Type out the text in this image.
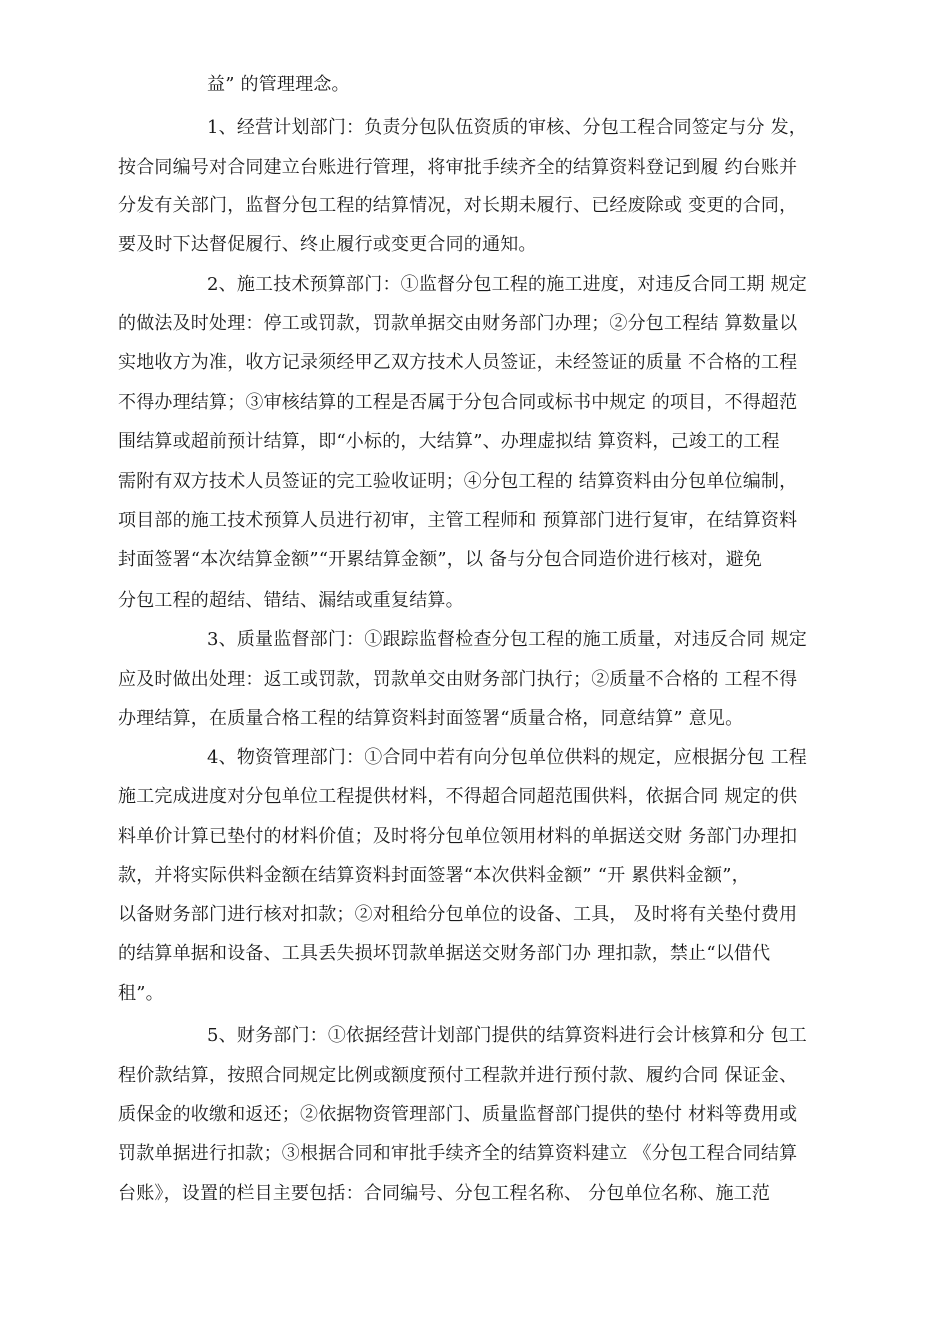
益” 的管理理念。
1、经营计划部门：负责分包队伍资质的审核、分包工程合同签定与分 发，
按合同编号对合同建立台账进行管理，将审批手续齐全的结算资料登记到履 约台账并
分发有关部门，监督分包工程的结算情况，对长期未履行、已经废除或 变更的合同，
要及时下达督促履行、终止履行或变更合同的通知。
2、施工技术预算部门：①监督分包工程的施工进度，对违反合同工期 规定
的做法及时处理：停工或罚款，罚款单据交由财务部门办理；②分包工程结 算数量以
实地收方为准，收方记录须经甲乙双方技术人员签证，未经签证的质量 不合格的工程
不得办理结算；③审核结算的工程是否属于分包合同或标书中规定 的项目，不得超范
围结算或超前预计结算，即“小标的，大结算”、办理虚拟结 算资料，己竣工的工程
需附有双方技术人员签证的完工验收证明；④分包工程的 结算资料由分包单位编制，
项目部的施工技术预算人员进行初审，主管工程师和 预算部门进行复审，在结算资料
封面签署“本次结算金额”“开累结算金额”，以 备与分包合同造价进行核对，避免
分包工程的超结、错结、漏结或重复结算。
3、质量监督部门：①跟踪监督检查分包工程的施工质量，对违反合同 规定
应及时做出处理：返工或罚款，罚款单交由财务部门执行；②质量不合格的 工程不得
办理结算，在质量合格工程的结算资料封面签署“质量合格，同意结算” 意见。
4、物资管理部门：①合同中若有向分包单位供料的规定，应根据分包 工程
施工完成进度对分包单位工程提供材料，不得超合同超范围供料，依据合同 规定的供
料单价计算已垫付的材料价值；及时将分包单位领用材料的单据送交财 务部门办理扣
款，并将实际供料金额在结算资料封面签署“本次供料金额” “开 累供料金额”，
以备财务部门进行核对扣款；②对租给分包单位的设备、工具， 及时将有关垫付费用
的结算单据和设备、工具丢失损坏罚款单据送交财务部门办 理扣款，禁止“以借代
租”。
5、财务部门：①依据经营计划部门提供的结算资料进行会计核算和分 包工
程价款结算，按照合同规定比例或额度预付工程款并进行预付款、履约合同 保证金、
质保金的收缴和返还；②依据物资管理部门、质量监督部门提供的垫付 材料等费用或
罚款单据进行扣款；③根据合同和审批手续齐全的结算资料建立 《分包工程合同结算
台账》，设置的栏目主要包括：合同编号、分包工程名称、 分包单位名称、施工范
